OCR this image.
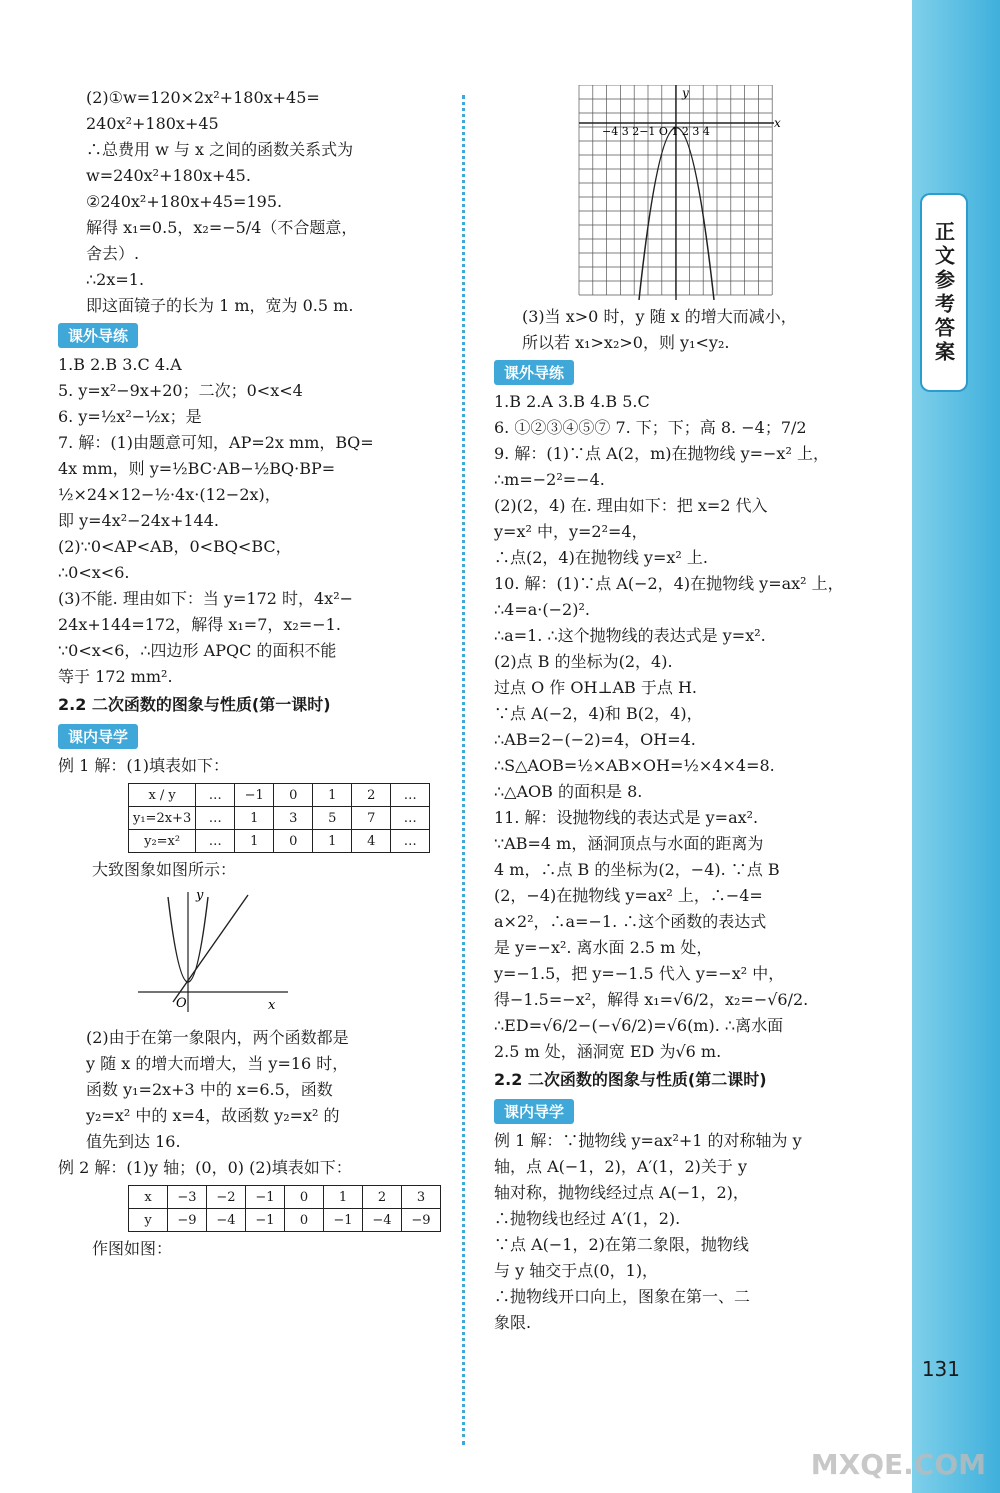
正文参考答案
131
(2)①w=120×2x²+180x+45=
240x²+180x+45
∴总费用 w 与 x 之间的函数关系式为
w=240x²+180x+45.
②240x²+180x+45=195.
解得 x₁=0.5，x₂=−5/4（不合题意，
舍去）.
∴2x=1.
即这面镜子的长为 1 m，宽为 0.5 m.
课外导练
1.B 2.B 3.C 4.A
5. y=x²−9x+20；二次；0<x<4
6. y=½x²−½x；是
7. 解：(1)由题意可知，AP=2x mm，BQ=
4x mm，则 y=½BC·AB−½BQ·BP=
½×24×12−½·4x·(12−2x)，
即 y=4x²−24x+144.
(2)∵0<AP<AB，0<BQ<BC，
∴0<x<6.
(3)不能. 理由如下：当 y=172 时，4x²−
24x+144=172，解得 x₁=7，x₂=−1.
∵0<x<6，∴四边形 APQC 的面积不能
等于 172 mm².
2.2 二次函数的图象与性质(第一课时)
课内导学
例 1 解：(1)填表如下：
x / y	…	−1	0	1	2	…
y₁=2x+3	…	1	3	5	7	…
y₂=x²	…	1	0	1	4	…
大致图象如图所示：
y
x
O
(2)由于在第一象限内，两个函数都是
y 随 x 的增大而增大，当 y=16 时，
函数 y₁=2x+3 中的 x=6.5，函数
y₂=x² 中的 x=4，故函数 y₂=x² 的
值先到达 16.
例 2 解：(1)y 轴；(0，0) (2)填表如下：
x	−3	−2	−1	0	1	2	3
y	−9	−4	−1	0	−1	−4	−9
作图如图：
y
x
−4 3 2−1 O 1 2 3 4
(3)当 x>0 时，y 随 x 的增大而减小，
所以若 x₁>x₂>0，则 y₁<y₂.
课外导练
1.B 2.A 3.B 4.B 5.C
6. ①②③④⑤⑦ 7. 下；下；高 8. −4；7/2
9. 解：(1)∵点 A(2，m)在抛物线 y=−x² 上，
∴m=−2²=−4.
(2)(2，4) 在. 理由如下：把 x=2 代入
y=x² 中，y=2²=4，
∴点(2，4)在抛物线 y=x² 上.
10. 解：(1)∵点 A(−2，4)在抛物线 y=ax² 上，
∴4=a·(−2)².
∴a=1. ∴这个抛物线的表达式是 y=x².
(2)点 B 的坐标为(2，4).
过点 O 作 OH⊥AB 于点 H.
∵点 A(−2，4)和 B(2，4)，
∴AB=2−(−2)=4，OH=4.
∴S△AOB=½×AB×OH=½×4×4=8.
∴△AOB 的面积是 8.
11. 解：设抛物线的表达式是 y=ax².
∵AB=4 m，涵洞顶点与水面的距离为
4 m，∴点 B 的坐标为(2，−4). ∵点 B
(2，−4)在抛物线 y=ax² 上，∴−4=
a×2²，∴a=−1. ∴这个函数的表达式
是 y=−x². 离水面 2.5 m 处，
y=−1.5，把 y=−1.5 代入 y=−x² 中，
得−1.5=−x²，解得 x₁=√6/2，x₂=−√6/2.
∴ED=√6/2−(−√6/2)=√6(m). ∴离水面
2.5 m 处，涵洞宽 ED 为√6 m.
2.2 二次函数的图象与性质(第二课时)
课内导学
例 1 解：∵抛物线 y=ax²+1 的对称轴为 y
轴，点 A(−1，2)，A′(1，2)关于 y
轴对称，抛物线经过点 A(−1，2)，
∴抛物线也经过 A′(1，2).
∵点 A(−1，2)在第二象限，抛物线
与 y 轴交于点(0，1)，
∴抛物线开口向上，图象在第一、二
象限.
MXQE.COM
